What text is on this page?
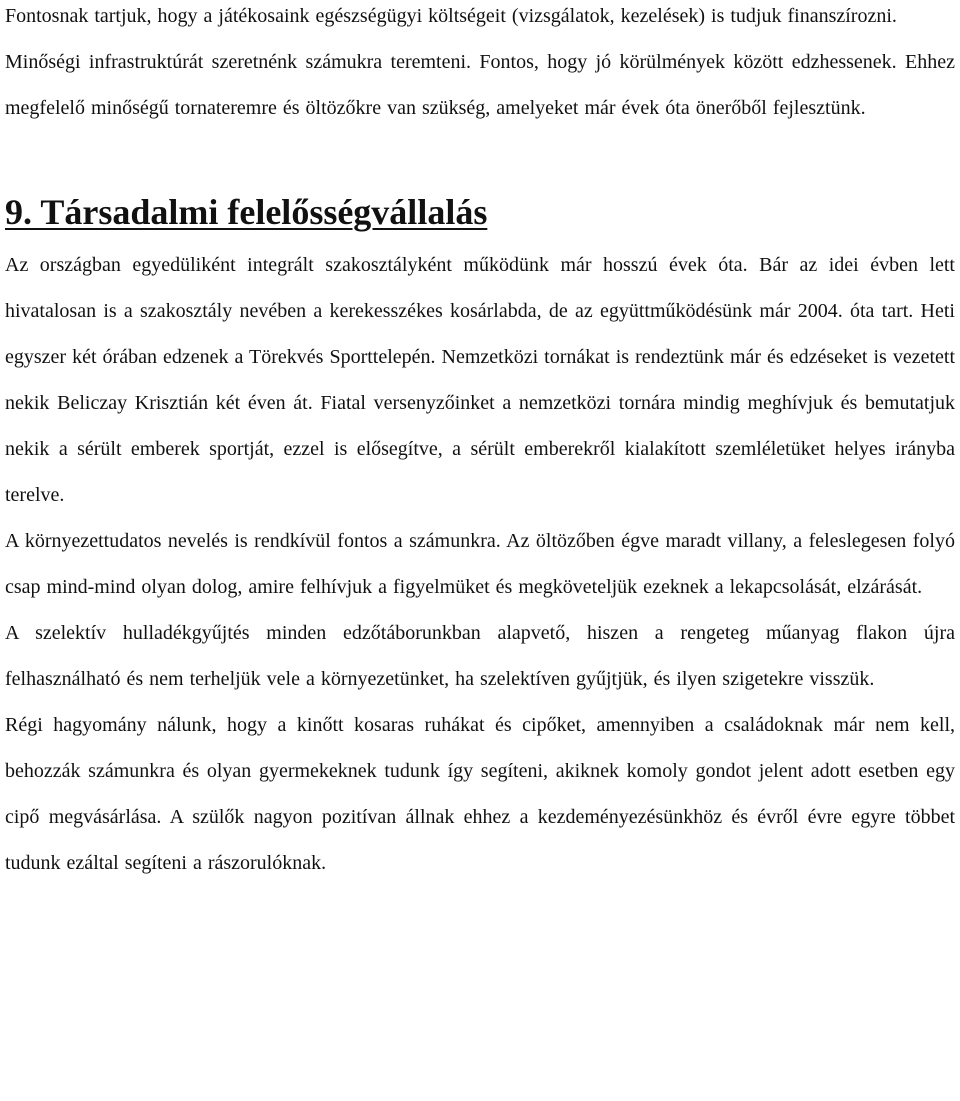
Fontosnak tartjuk, hogy a játékosaink egészségügyi költségeit (vizsgálatok, kezelések) is tudjuk finanszírozni.

Minőségi infrastruktúrát szeretnénk számukra teremteni. Fontos, hogy jó körülmények között edzhessenek. Ehhez megfelelő minőségű tornateremre és öltözőkre van szükség, amelyeket már évek óta önerőből fejlesztünk.

9. Társadalmi felelősségvállalás

Az országban egyedüliként integrált szakosztályként működünk már hosszú évek óta. Bár az idei évben lett hivatalosan is a szakosztály nevében a kerekesszékes kosárlabda, de az együttműködésünk már 2004. óta tart. Heti egyszer két órában edzenek a Törekvés Sporttelepén. Nemzetközi tornákat is rendeztünk már és edzéseket is vezetett nekik Beliczay Krisztián két éven át. Fiatal versenyzőinket a nemzetközi tornára mindig meghívjuk és bemutatjuk nekik a sérült emberek sportját, ezzel is elősegítve, a sérült emberekről kialakított szemléletüket helyes irányba terelve.

A környezettudatos nevelés is rendkívül fontos a számunkra. Az öltözőben égve maradt villany, a feleslegesen folyó csap mind-mind olyan dolog, amire felhívjuk a figyelmüket és megköveteljük ezeknek a lekapcsolását, elzárását.

A szelektív hulladékgyűjtés minden edzőtáborunkban alapvető, hiszen a rengeteg műanyag flakon újra felhasználható és nem terheljük vele a környezetünket, ha szelektíven gyűjtjük, és ilyen szigetekre visszük.

Régi hagyomány nálunk, hogy a kinőtt kosaras ruhákat és cipőket, amennyiben a családoknak már nem kell, behozzák számunkra és olyan gyermekeknek tudunk így segíteni, akiknek komoly gondot jelent adott esetben egy cipő megvásárlása. A szülők nagyon pozitívan állnak ehhez a kezdeményezésünkhöz és évről évre egyre többet tudunk ezáltal segíteni a rászorulóknak.
